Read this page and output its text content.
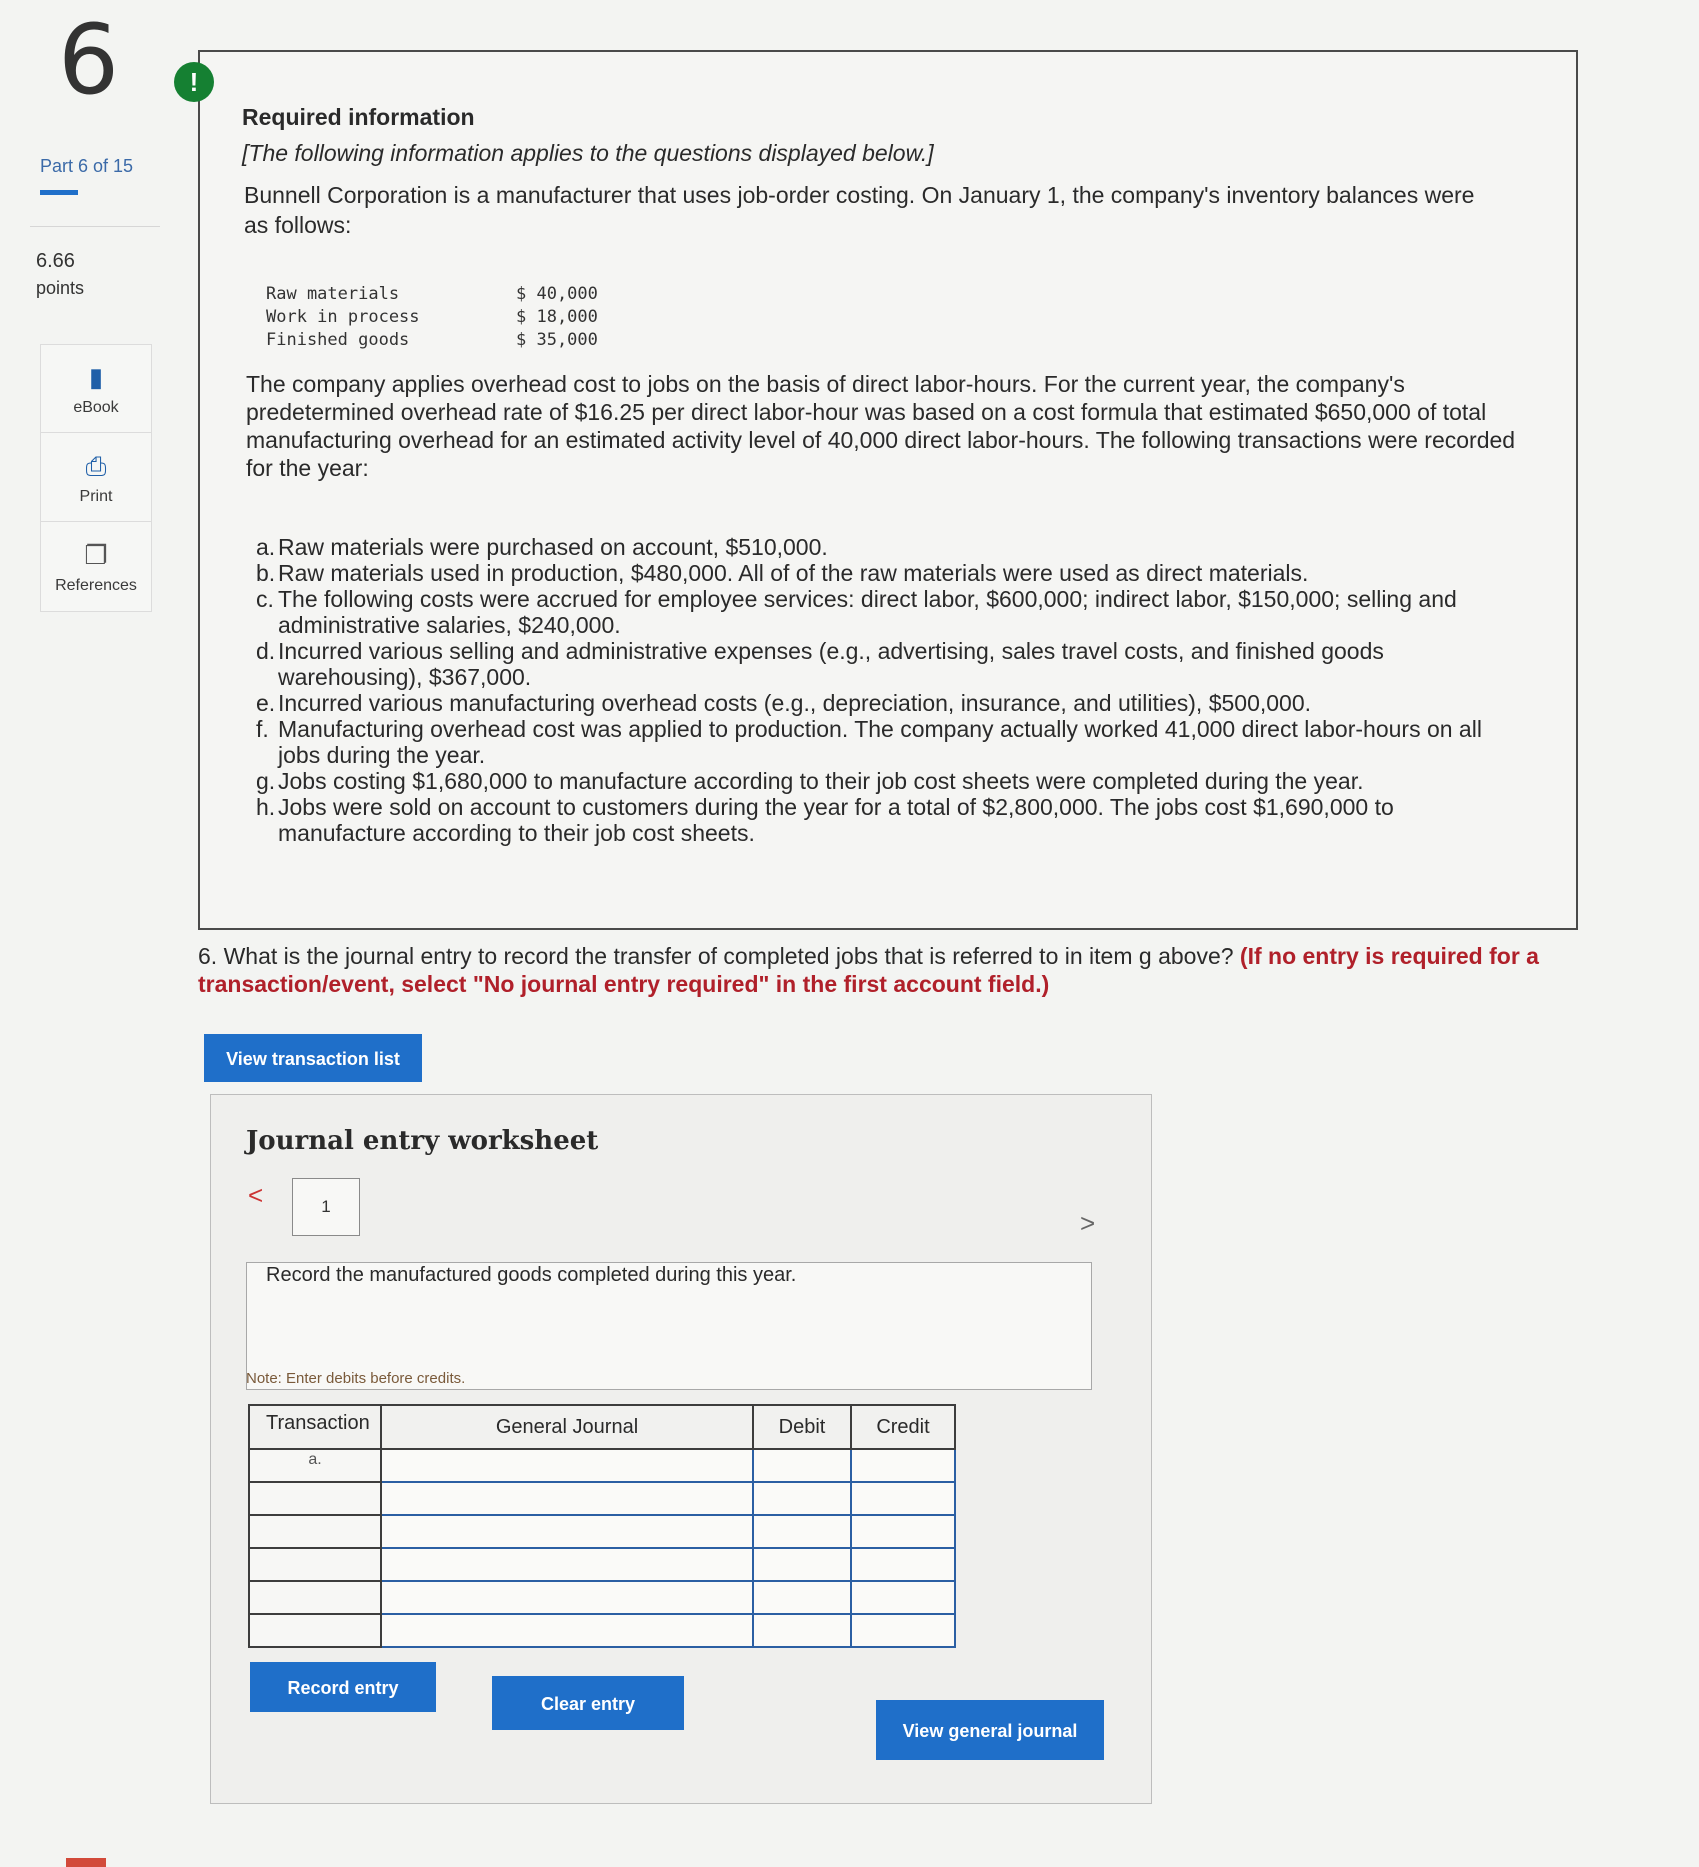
6
Part 6 of 15
6.66
points
▮
eBook
⎙
Print
❐
References
!
Required information
[The following information applies to the questions displayed below.]
Bunnell Corporation is a manufacturer that uses job-order costing. On January 1, the company's inventory balances were as follows:
Raw materials	$ 40,000
Work in process	$ 18,000
Finished goods	$ 35,000
The company applies overhead cost to jobs on the basis of direct labor-hours. For the current year, the company's predetermined overhead rate of $16.25 per direct labor-hour was based on a cost formula that estimated $650,000 of total manufacturing overhead for an estimated activity level of 40,000 direct labor-hours. The following transactions were recorded for the year:
a. Raw materials were purchased on account, $510,000.
b. Raw materials used in production, $480,000. All of of the raw materials were used as direct materials.
c. The following costs were accrued for employee services: direct labor, $600,000; indirect labor, $150,000; selling and administrative salaries, $240,000.
d. Incurred various selling and administrative expenses (e.g., advertising, sales travel costs, and finished goods warehousing), $367,000.
e. Incurred various manufacturing overhead costs (e.g., depreciation, insurance, and utilities), $500,000.
f. Manufacturing overhead cost was applied to production. The company actually worked 41,000 direct labor-hours on all jobs during the year.
g. Jobs costing $1,680,000 to manufacture according to their job cost sheets were completed during the year.
h. Jobs were sold on account to customers during the year for a total of $2,800,000. The jobs cost $1,690,000 to manufacture according to their job cost sheets.
6. What is the journal entry to record the transfer of completed jobs that is referred to in item g above? (If no entry is required for a transaction/event, select "No journal entry required" in the first account field.)
View transaction list
Journal entry worksheet
<	1
>
Record the manufactured goods completed during this year.
Note: Enter debits before credits.
Transaction	General Journal	Debit	Credit
a.			

Record entry
Clear entry
View general journal
